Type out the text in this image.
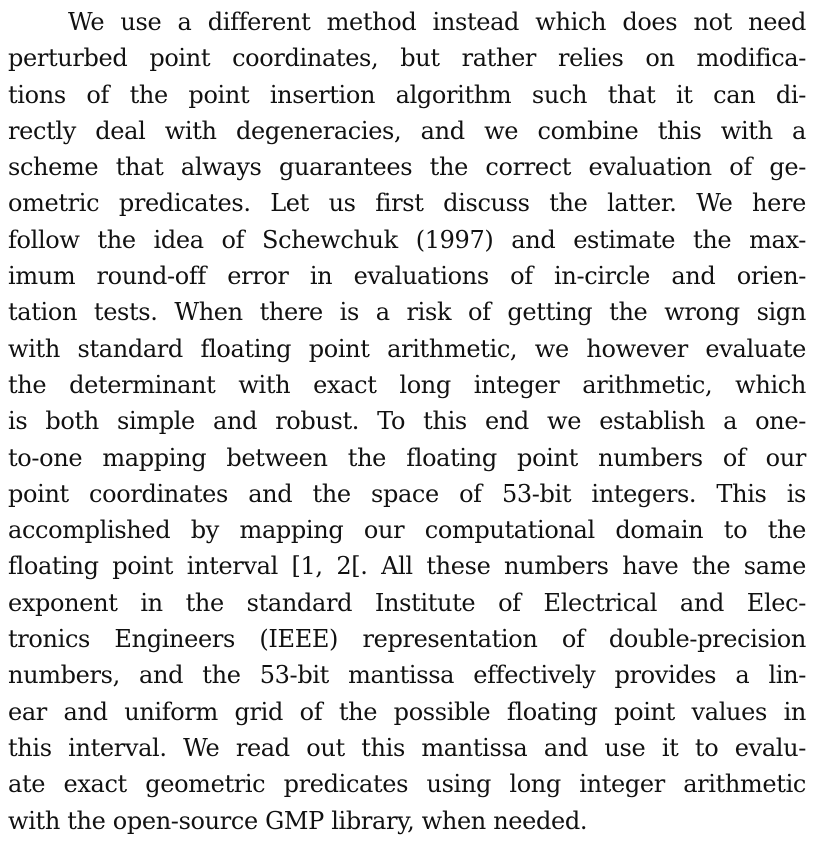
We use a different method instead which does not need
perturbed point coordinates, but rather relies on modifica-
tions of the point insertion algorithm such that it can di-
rectly deal with degeneracies, and we combine this with a
scheme that always guarantees the correct evaluation of ge-
ometric predicates. Let us first discuss the latter. We here
follow the idea of Schewchuk (1997) and estimate the max-
imum round-off error in evaluations of in-circle and orien-
tation tests. When there is a risk of getting the wrong sign
with standard floating point arithmetic, we however evaluate
the determinant with exact long integer arithmetic, which
is both simple and robust. To this end we establish a one-
to-one mapping between the floating point numbers of our
point coordinates and the space of 53-bit integers. This is
accomplished by mapping our computational domain to the
floating point interval [1, 2[. All these numbers have the same
exponent in the standard Institute of Electrical and Elec-
tronics Engineers (IEEE) representation of double-precision
numbers, and the 53-bit mantissa effectively provides a lin-
ear and uniform grid of the possible floating point values in
this interval. We read out this mantissa and use it to evalu-
ate exact geometric predicates using long integer arithmetic
with the open-source GMP library, when needed.
